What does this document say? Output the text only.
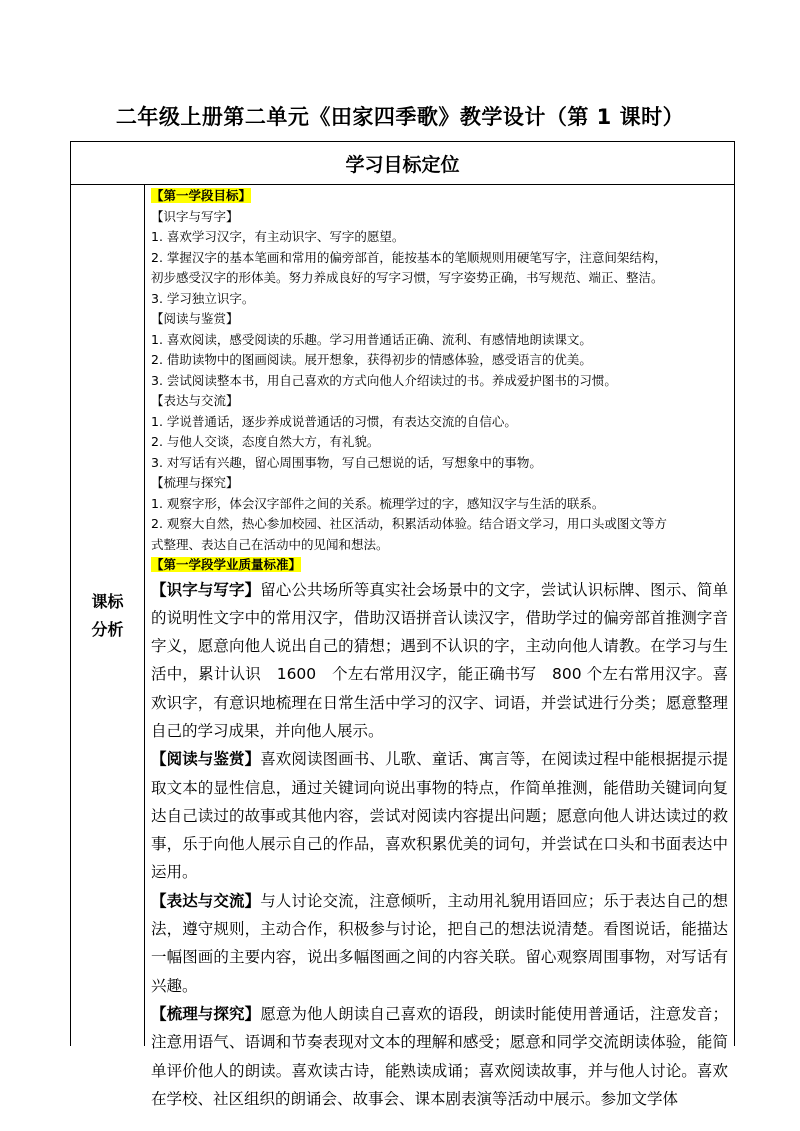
二年级上册第二单元《田家四季歌》教学设计（第 1 课时）
学习目标定位
课标
分析

【第一学段目标】

【识字与写字】

1. 喜欢学习汉字，有主动识字、写字的愿望。

2. 掌握汉字的基本笔画和常用的偏旁部首，能按基本的笔顺规则用硬笔写字，注意间架结构，

初步感受汉字的形体美。努力养成良好的写字习惯，写字姿势正确，书写规范、端正、整洁。

3. 学习独立识字。

【阅读与鉴赏】

1. 喜欢阅读，感受阅读的乐趣。学习用普通话正确、流利、有感情地朗读课文。

2. 借助读物中的图画阅读。展开想象，获得初步的情感体验，感受语言的优美。

3. 尝试阅读整本书，用自己喜欢的方式向他人介绍读过的书。养成爱护图书的习惯。

【表达与交流】

1. 学说普通话，逐步养成说普通话的习惯，有表达交流的自信心。

2. 与他人交谈，态度自然大方，有礼貌。

3. 对写话有兴趣，留心周围事物，写自己想说的话，写想象中的事物。

【梳理与探究】

1. 观察字形，体会汉字部件之间的关系。梳理学过的字，感知汉字与生活的联系。

2. 观察大自然，热心参加校园、社区活动，积累活动体验。结合语文学习，用口头或图文等方

式整理、表达自己在活动中的见闻和想法。

【第一学段学业质量标准】

【识字与写字】留心公共场所等真实社会场景中的文字，尝试认识标牌、图示、简单的说明性文字中的常用汉字，借助汉语拼音认读汉字，借助学过的偏旁部首推测字音字义，愿意向他人说出自己的猜想；遇到不认识的字，主动向他人请教。在学习与生活中，累计认识　1600　个左右常用汉字，能正确书写　800 个左右常用汉字。喜欢识字，有意识地梳理在日常生活中学习的汉字、词语，并尝试进行分类；愿意整理自己的学习成果，并向他人展示。

【阅读与鉴赏】喜欢阅读图画书、儿歌、童话、寓言等，在阅读过程中能根据提示提取文本的显性信息，通过关键词向说出事物的特点，作简单推测，能借助关键词向复达自己读过的故事或其他内容，尝试对阅读内容提出问题；愿意向他人讲达读过的救事，乐于向他人展示自己的作品，喜欢积累优美的词句，并尝试在口头和书面表达中运用。

【表达与交流】与人讨论交流，注意倾听，主动用礼貌用语回应；乐于表达自己的想法，遵守规则，主动合作，积极参与讨论，把自己的想法说清楚。看图说话，能描达一幅图画的主要内容，说出多幅图画之间的内容关联。留心观察周围事物，对写话有兴趣。

【梳理与探究】愿意为他人朗读自己喜欢的语段，朗读时能使用普通话，注意发音；注意用语气、语调和节奏表现对文本的理解和感受；愿意和同学交流朗读体验，能简单评价他人的朗读。喜欢读古诗，能熟读成诵；喜欢阅读故事，并与他人讨论。喜欢在学校、社区组织的朗诵会、故事会、课本剧表演等活动中展示。参加文学体
